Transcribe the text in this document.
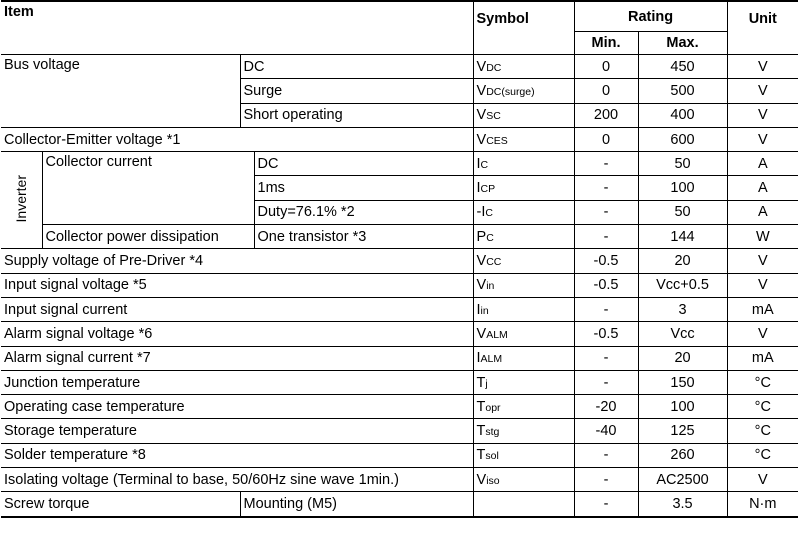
Item				Symbol	Rating		Unit
					Min.	Max.	
Bus voltage		DC		VDC	0	450	V
		Surge		VDC(surge)	0	500	V
		Short operating		VSC	200	400	V
Collector-Emitter voltage *1				VCES	0	600	V
Inverter	Collector current		DC	IC	-	50	A
			1ms	ICP	-	100	A
			Duty=76.1% *2	-IC	-	50	A
	Collector power dissipation		One transistor *3	PC	-	144	W
Supply voltage of Pre-Driver *4				VCC	-0.5	20	V
Input signal voltage *5				Vin	-0.5	Vcc+0.5	V
Input signal current				Iin	-	3	mA
Alarm signal voltage *6				VALM	-0.5	Vcc	V
Alarm signal current *7				IALM	-	20	mA
Junction temperature				Tj	-	150	°C
Operating case temperature				Topr	-20	100	°C
Storage temperature				Tstg	-40	125	°C
Solder temperature *8				Tsol	-	260	°C
Isolating voltage (Terminal to base, 50/60Hz sine wave 1min.)				Viso	-	AC2500	V
Screw torque		Mounting (M5)			-	3.5	N·m
